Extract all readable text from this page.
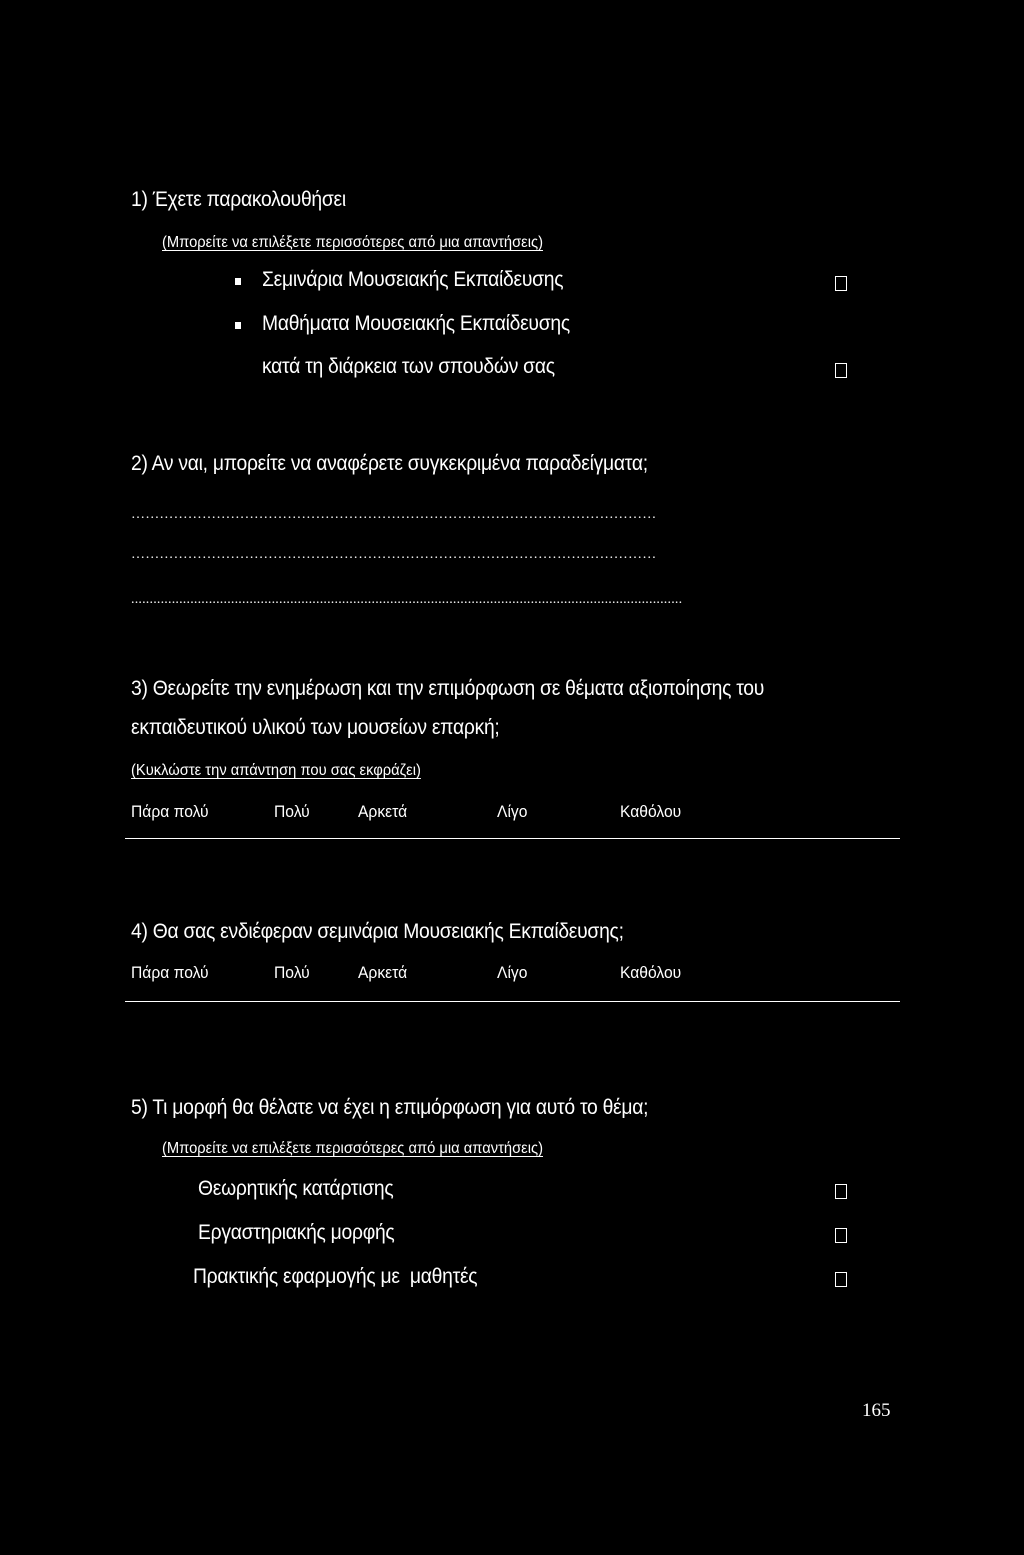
1) Έχετε παρακολουθήσει
(Μπορείτε να επιλέξετε περισσότερες από μια απαντήσεις)
Σεμινάρια Μουσειακής Εκπαίδευσης
Μαθήματα Μουσειακής Εκπαίδευσης
κατά τη διάρκεια των σπουδών σας
2) Αν ναι, μπορείτε να αναφέρετε συγκεκριμένα παραδείγματα;
…………………………………………………………………………………………………
…………………………………………………………………………………………………
.....................................................................................................................................................
3) Θεωρείτε την ενημέρωση και την επιμόρφωση σε θέματα αξιοποίησης του
εκπαιδευτικού υλικού των μουσείων επαρκή;
(Κυκλώστε την απάντηση που σας εκφράζει)
Πάρα πολύ	Πολύ	Αρκετά	Λίγο	Καθόλου
4) Θα σας ενδιέφεραν σεμινάρια Μουσειακής Εκπαίδευσης;
Πάρα πολύ	Πολύ	Αρκετά	Λίγο	Καθόλου
5) Τι μορφή θα θέλατε να έχει η επιμόρφωση για αυτό το θέμα;
(Μπορείτε να επιλέξετε περισσότερες από μια απαντήσεις)
Θεωρητικής κατάρτισης
Εργαστηριακής μορφής
Πρακτικής εφαρμογής με  μαθητές
165
